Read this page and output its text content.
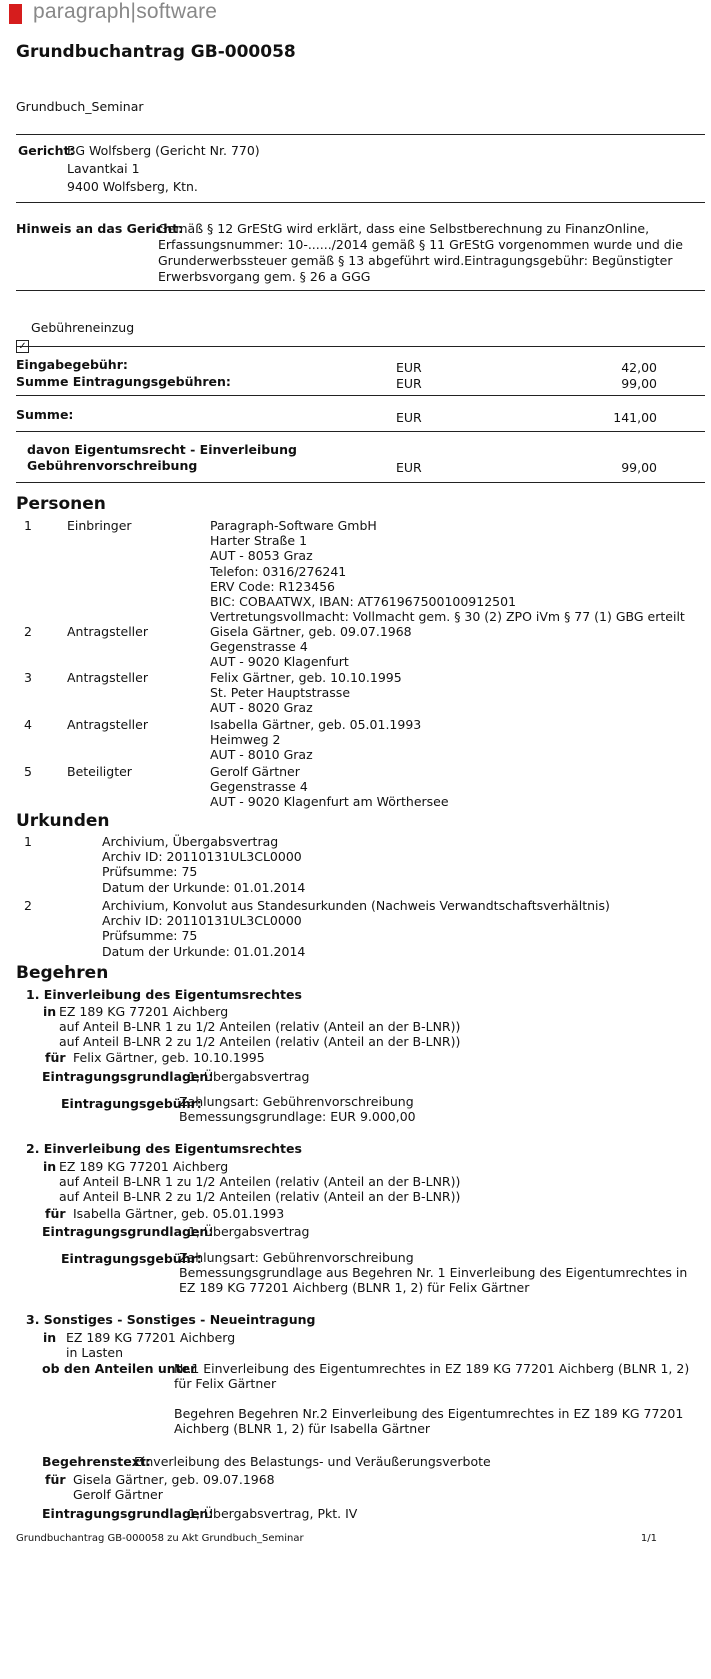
paragraph|software
Grundbuchantrag GB-000058
Grundbuch_Seminar
Gericht:
BG Wolfsberg (Gericht Nr. 770)
Lavantkai 1
9400 Wolfsberg, Ktn.
Hinweis an das Gericht:
Gemäß § 12 GrEStG wird erklärt, dass eine Selbstberechnung zu FinanzOnline,
Erfassungsnummer: 10-....../2014 gemäß § 11 GrEStG vorgenommen wurde und die
Grunderwerbssteuer gemäß § 13 abgeführt wird.Eintragungsgebühr: Begünstigter
Erwerbsvorgang gem. § 26 a GGG
✓
Gebühreneinzug
Eingabegebühr:	EUR	42,00
Summe Eintragungsgebühren:	EUR	99,00
Summe:	EUR	141,00
davon Eigentumsrecht - Einverleibung
Gebührenvorschreibung	EUR	99,00
Personen
1	Einbringer	Paragraph-Software GmbH
Harter Straße 1
AUT - 8053 Graz
Telefon: 0316/276241
ERV Code: R123456
BIC: COBAATWX, IBAN: AT761967500100912501
Vertretungsvollmacht: Vollmacht gem. § 30 (2) ZPO iVm § 77 (1) GBG erteilt
2	Antragsteller	Gisela Gärtner, geb. 09.07.1968
Gegenstrasse 4
AUT - 9020 Klagenfurt
3	Antragsteller	Felix Gärtner, geb. 10.10.1995
St. Peter Hauptstrasse
AUT - 8020 Graz
4	Antragsteller	Isabella Gärtner, geb. 05.01.1993
Heimweg 2
AUT - 8010 Graz
5	Beteiligter	Gerolf Gärtner
Gegenstrasse 4
AUT - 9020 Klagenfurt am Wörthersee
Urkunden
1	Archivium, Übergabsvertrag
Archiv ID: 20110131UL3CL0000
Prüfsumme: 75
Datum der Urkunde: 01.01.2014
2	Archivium, Konvolut aus Standesurkunden (Nachweis Verwandtschaftsverhältnis)
Archiv ID: 20110131UL3CL0000
Prüfsumme: 75
Datum der Urkunde: 01.01.2014
Begehren
1. Einverleibung des Eigentumsrechtes
in EZ 189 KG 77201 Aichberg
auf Anteil B-LNR 1 zu 1/2 Anteilen (relativ (Anteil an der B-LNR))
auf Anteil B-LNR 2 zu 1/2 Anteilen (relativ (Anteil an der B-LNR))
für Felix Gärtner, geb. 10.10.1995
Eintragungsgrundlagen:
1, Übergabsvertrag
Eintragungsgebühr:
Zahlungsart: Gebührenvorschreibung
Bemessungsgrundlage: EUR 9.000,00
2. Einverleibung des Eigentumsrechtes
in EZ 189 KG 77201 Aichberg
auf Anteil B-LNR 1 zu 1/2 Anteilen (relativ (Anteil an der B-LNR))
auf Anteil B-LNR 2 zu 1/2 Anteilen (relativ (Anteil an der B-LNR))
für Isabella Gärtner, geb. 05.01.1993
Eintragungsgrundlagen:
1, Übergabsvertrag
Eintragungsgebühr:
Zahlungsart: Gebührenvorschreibung
Bemessungsgrundlage aus Begehren Nr. 1 Einverleibung des Eigentumrechtes in
EZ 189 KG 77201 Aichberg (BLNR 1, 2) für Felix Gärtner
3. Sonstiges - Sonstiges - Neueintragung
in EZ 189 KG 77201 Aichberg
in Lasten
ob den Anteilen unter
Nr.1 Einverleibung des Eigentumrechtes in EZ 189 KG 77201 Aichberg (BLNR 1, 2)
für Felix Gärtner
Begehren Begehren Nr.2 Einverleibung des Eigentumrechtes in EZ 189 KG 77201
Aichberg (BLNR 1, 2) für Isabella Gärtner
Begehrenstext:
Einverleibung des Belastungs- und Veräußerungsverbote
für Gisela Gärtner, geb. 09.07.1968
Gerolf Gärtner
Eintragungsgrundlagen:
1, Übergabsvertrag, Pkt. IV
Grundbuchantrag GB-000058 zu Akt Grundbuch_Seminar	1/1
